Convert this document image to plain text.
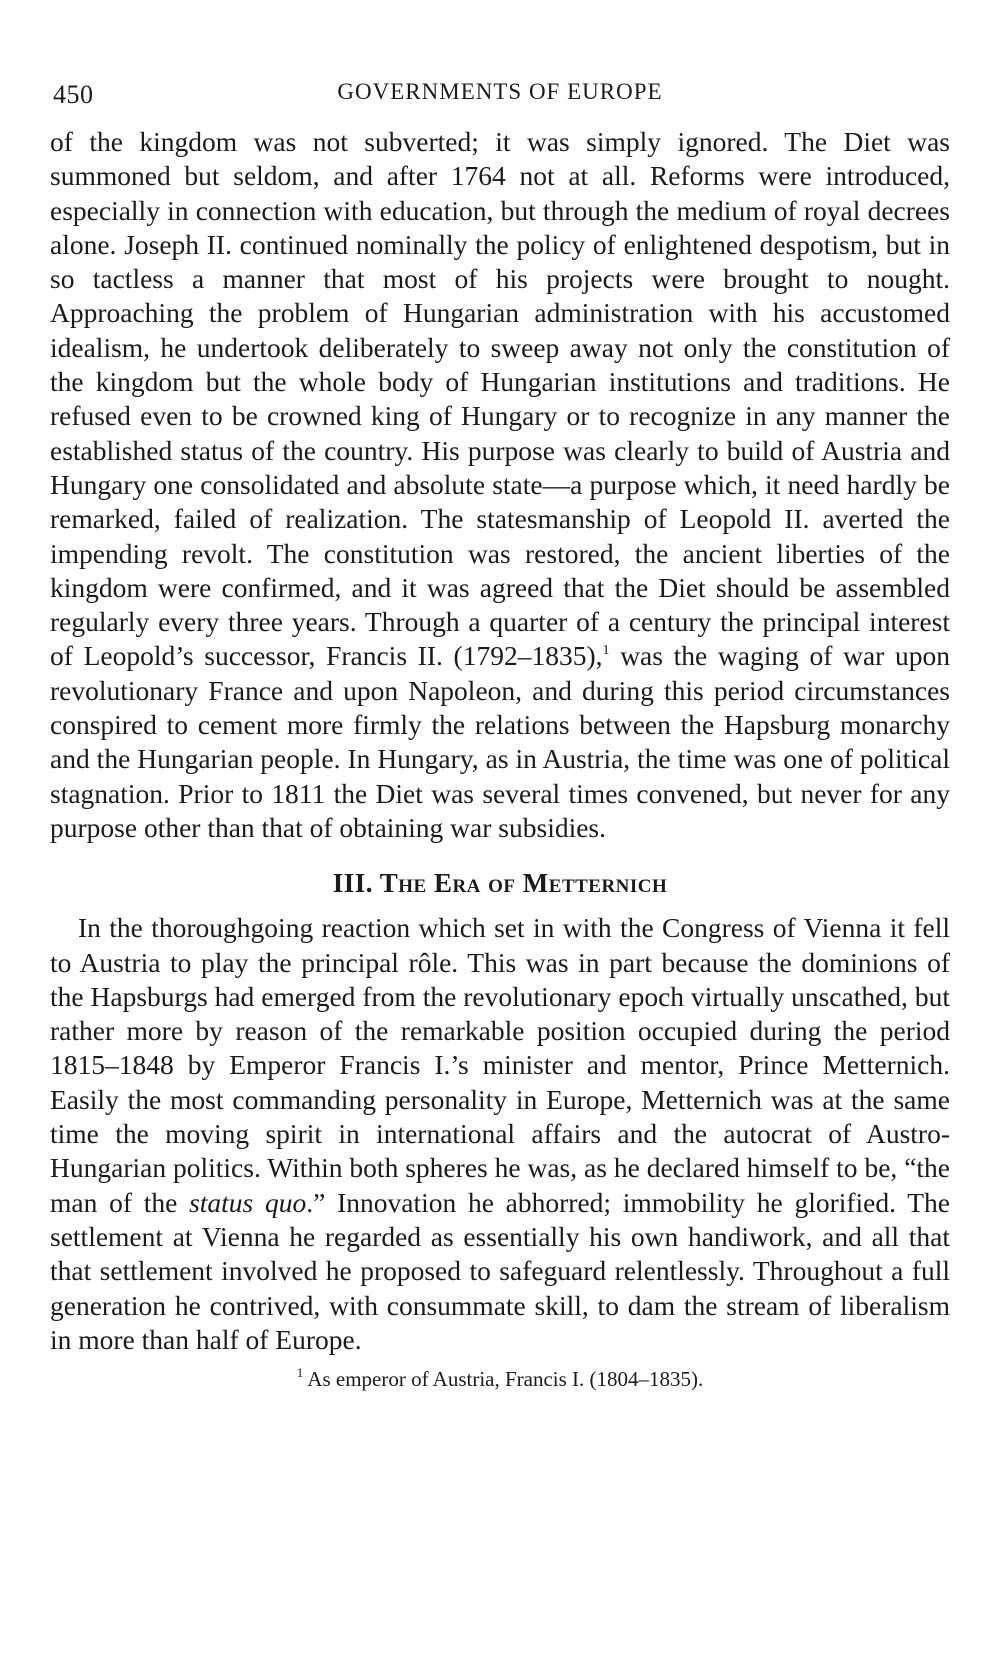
450	GOVERNMENTS OF EUROPE

of the kingdom was not subverted; it was simply ignored. The Diet was summoned but seldom, and after 1764 not at all. Reforms were introduced, especially in connection with education, but through the medium of royal decrees alone. Joseph II. continued nominally the policy of enlightened despotism, but in so tactless a manner that most of his projects were brought to nought. Approaching the problem of Hungarian administration with his accustomed idealism, he undertook deliberately to sweep away not only the constitution of the kingdom but the whole body of Hungarian institutions and traditions. He refused even to be crowned king of Hungary or to recognize in any manner the established status of the country. His purpose was clearly to build of Austria and Hungary one consolidated and absolute state—a purpose which, it need hardly be remarked, failed of realization. The statesmanship of Leopold II. averted the impending revolt. The constitution was restored, the ancient liberties of the kingdom were confirmed, and it was agreed that the Diet should be assembled regularly every three years. Through a quarter of a century the principal interest of Leopold’s successor, Francis II. (1792–1835),$^1$ was the waging of war upon revolutionary France and upon Napoleon, and during this period circumstances conspired to cement more firmly the relations between the Hapsburg monarchy and the Hungarian people. In Hungary, as in Austria, the time was one of political stagnation. Prior to 1811 the Diet was several times convened, but never for any purpose other than that of obtaining war subsidies.

III. The Era of Metternich

In the thoroughgoing reaction which set in with the Congress of Vienna it fell to Austria to play the principal rôle. This was in part because the dominions of the Hapsburgs had emerged from the revolutionary epoch virtually unscathed, but rather more by reason of the remarkable position occupied during the period 1815–1848 by Emperor Francis I.’s minister and mentor, Prince Metternich. Easily the most commanding personality in Europe, Metternich was at the same time the moving spirit in international affairs and the autocrat of Austro-Hungarian politics. Within both spheres he was, as he declared himself to be, “the man of the status quo.” Innovation he abhorred; immobility he glorified. The settlement at Vienna he regarded as essentially his own handiwork, and all that that settlement involved he proposed to safeguard relentlessly. Throughout a full generation he contrived, with consummate skill, to dam the stream of liberalism in more than half of Europe.

$^1$ As emperor of Austria, Francis I. (1804–1835).
